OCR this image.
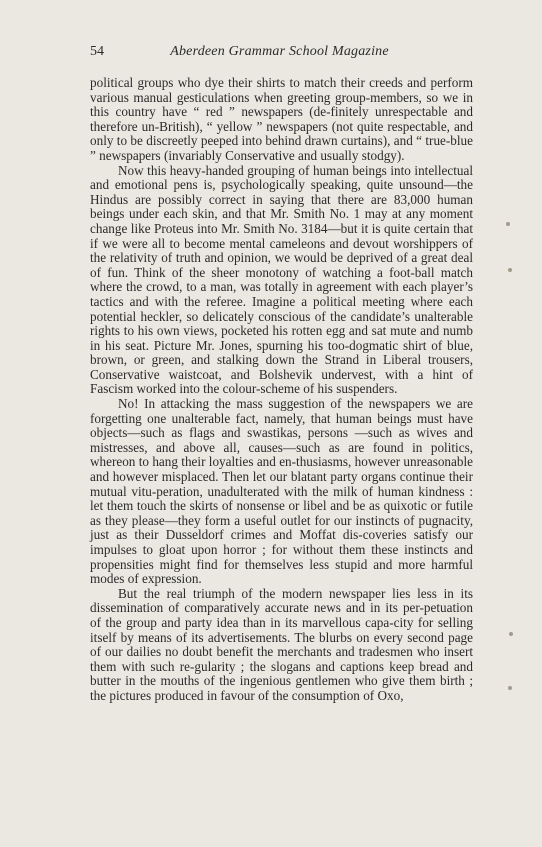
54	Aberdeen Grammar School Magazine

political groups who dye their shirts to match their creeds and perform various manual gesticulations when greeting group-members, so we in this country have “ red ” newspapers (de-finitely unrespectable and therefore un-British), “ yellow ” newspapers (not quite respectable, and only to be discreetly peeped into behind drawn curtains), and “ true-blue ” newspapers (invariably Conservative and usually stodgy).

Now this heavy-handed grouping of human beings into intellectual and emotional pens is, psychologically speaking, quite unsound—the Hindus are possibly correct in saying that there are 83,000 human beings under each skin, and that Mr. Smith No. 1 may at any moment change like Proteus into Mr. Smith No. 3184—but it is quite certain that if we were all to become mental cameleons and devout worshippers of the relativity of truth and opinion, we would be deprived of a great deal of fun. Think of the sheer monotony of watching a foot-ball match where the crowd, to a man, was totally in agreement with each player’s tactics and with the referee. Imagine a political meeting where each potential heckler, so delicately conscious of the candidate’s unalterable rights to his own views, pocketed his rotten egg and sat mute and numb in his seat. Picture Mr. Jones, spurning his too-dogmatic shirt of blue, brown, or green, and stalking down the Strand in Liberal trousers, Conservative waistcoat, and Bolshevik undervest, with a hint of Fascism worked into the colour-scheme of his suspenders.

No! In attacking the mass suggestion of the newspapers we are forgetting one unalterable fact, namely, that human beings must have objects—such as flags and swastikas, persons —such as wives and mistresses, and above all, causes—such as are found in politics, whereon to hang their loyalties and en-thusiasms, however unreasonable and however misplaced. Then let our blatant party organs continue their mutual vitu-peration, unadulterated with the milk of human kindness : let them touch the skirts of nonsense or libel and be as quixotic or futile as they please—they form a useful outlet for our instincts of pugnacity, just as their Dusseldorf crimes and Moffat dis-coveries satisfy our impulses to gloat upon horror ; for without them these instincts and propensities might find for themselves less stupid and more harmful modes of expression.

But the real triumph of the modern newspaper lies less in its dissemination of comparatively accurate news and in its per-petuation of the group and party idea than in its marvellous capa-city for selling itself by means of its advertisements. The blurbs on every second page of our dailies no doubt benefit the merchants and tradesmen who insert them with such re-gularity ; the slogans and captions keep bread and butter in the mouths of the ingenious gentlemen who give them birth ; the pictures produced in favour of the consumption of Oxo,
